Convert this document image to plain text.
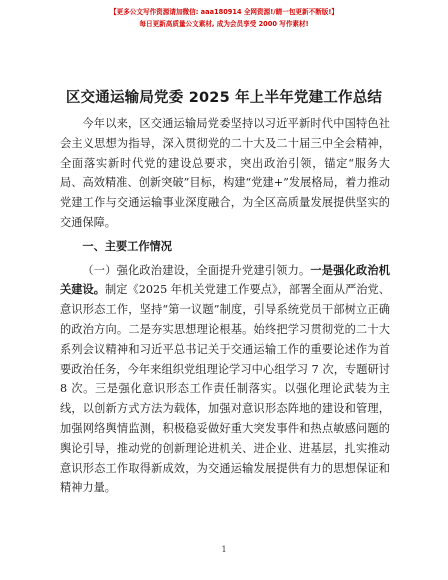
【更多公文写作资源请加微信: aaa180914 全网资源!/睛一包更新不断版!】
每日更新高质量公文素材, 成为会员享受 2000 写作素材!
区交通运输局党委 2025 年上半年党建工作总结

今年以来，区交通运输局党委坚持以习近平新时代中国特色社会主义思想为指导，深入贯彻党的二十大及二十届三中全会精神，全面落实新时代党的建设总要求，突出政治引领，锚定“服务大局、高效精准、创新突破”目标，构建“党建+”发展格局，着力推动党建工作与交通运输事业深度融合，为全区高质量发展提供坚实的交通保障。

一、主要工作情况

（一）强化政治建设，全面提升党建引领力。一是强化政治机关建设。制定《2025 年机关党建工作要点》，部署全面从严治党、意识形态工作，坚持“第一议题”制度，引导系统党员干部树立正确的政治方向。二是夯实思想理论根基。始终把学习贯彻党的二十大系列会议精神和习近平总书记关于交通运输工作的重要论述作为首要政治任务，今年来组织党组理论学习中心组学习 7 次，专题研讨 8 次。三是强化意识形态工作责任制落实。以强化理论武装为主线，以创新方式方法为载体，加强对意识形态阵地的建设和管理，加强网络舆情监测，积极稳妥做好重大突发事件和热点敏感问题的舆论引导，推动党的创新理论进机关、进企业、进基层，扎实推动意识形态工作取得新成效，为交通运输发展提供有力的思想保证和精神力量。

1
